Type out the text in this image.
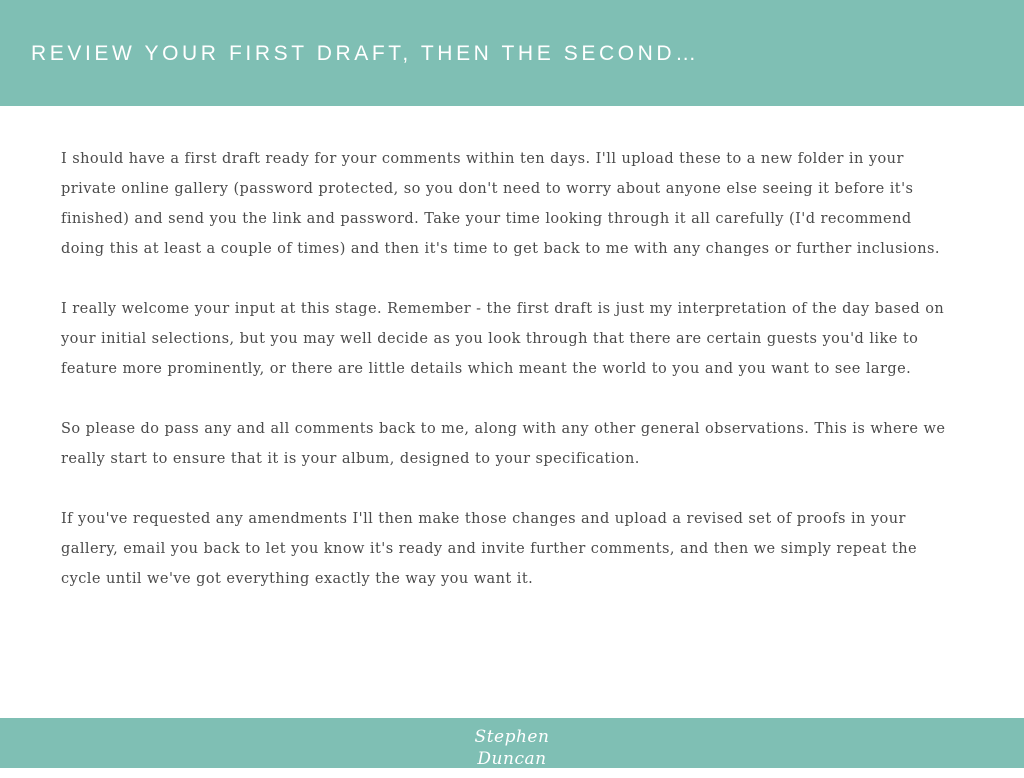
REVIEW YOUR FIRST DRAFT, THEN THE SECOND…

I should have a first draft ready for your comments within ten days. I'll upload these to a new folder in your private online gallery (password protected, so you don't need to worry about anyone else seeing it before it's finished) and send you the link and password. Take your time looking through it all carefully (I'd recommend doing this at least a couple of times) and then it's time to get back to me with any changes or further inclusions.

I really welcome your input at this stage. Remember - the first draft is just my interpretation of the day based on your initial selections, but you may well decide as you look through that there are certain guests you'd like to feature more prominently, or there are little details which meant the world to you and you want to see large.

So please do pass any and all comments back to me, along with any other general observations. This is where we really start to ensure that it is your album, designed to your specification.

If you've requested any amendments I'll then make those changes and upload a revised set of proofs in your gallery, email you back to let you know it's ready and invite further comments, and then we simply repeat the cycle until we've got everything exactly the way you want it.

Stephen Duncan
PHOTOGRAPHY
